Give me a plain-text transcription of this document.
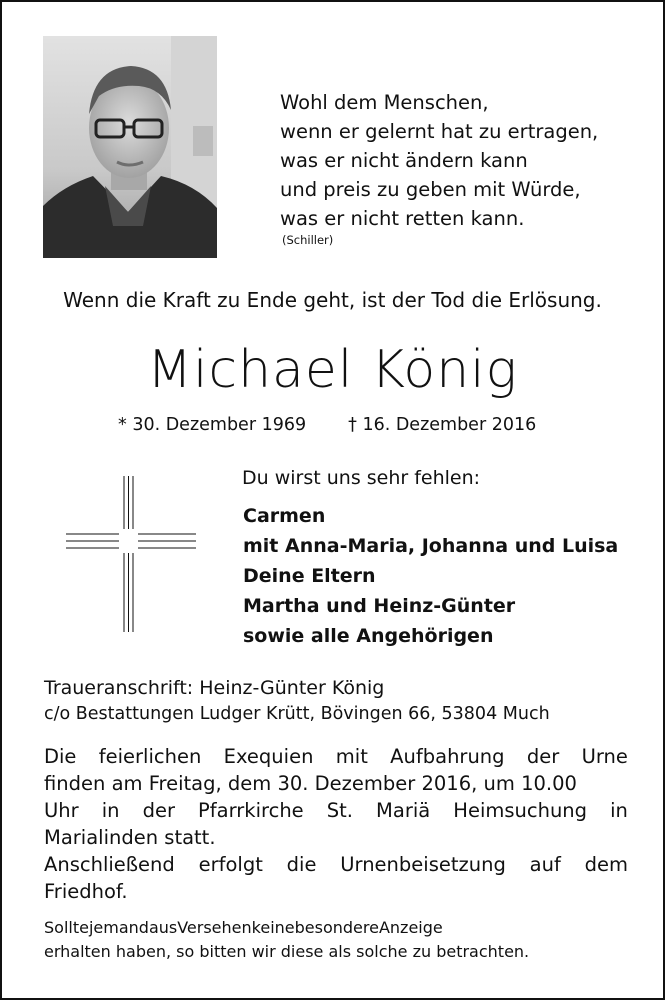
Wohl dem Menschen,
wenn er gelernt hat zu ertragen,
was er nicht ändern kann
und preis zu geben mit Würde,
was er nicht retten kann.
(Schiller)
Wenn die Kraft zu Ende geht, ist der Tod die Erlösung.
Michael König
* 30. Dezember 1969 † 16. Dezember 2016
Du wirst uns sehr fehlen:
Carmen
mit Anna-Maria, Johanna und Luisa
Deine Eltern
Martha und Heinz-Günter
sowie alle Angehörigen
Traueranschrift: Heinz-Günter König
c/o Bestattungen Ludger Krütt, Bövingen 66, 53804 Much
Die feierlichen Exequien mit Aufbahrung der Urne
finden am Freitag, dem 30. Dezember 2016, um 10.00
Uhr in der Pfarrkirche St. Mariä Heimsuchung in
Marialinden statt.
Anschließend erfolgt die Urnenbeisetzung auf dem
Friedhof.
SolltejemandausVersehenkeinebesondereAnzeige
erhalten haben, so bitten wir diese als solche zu betrachten.
